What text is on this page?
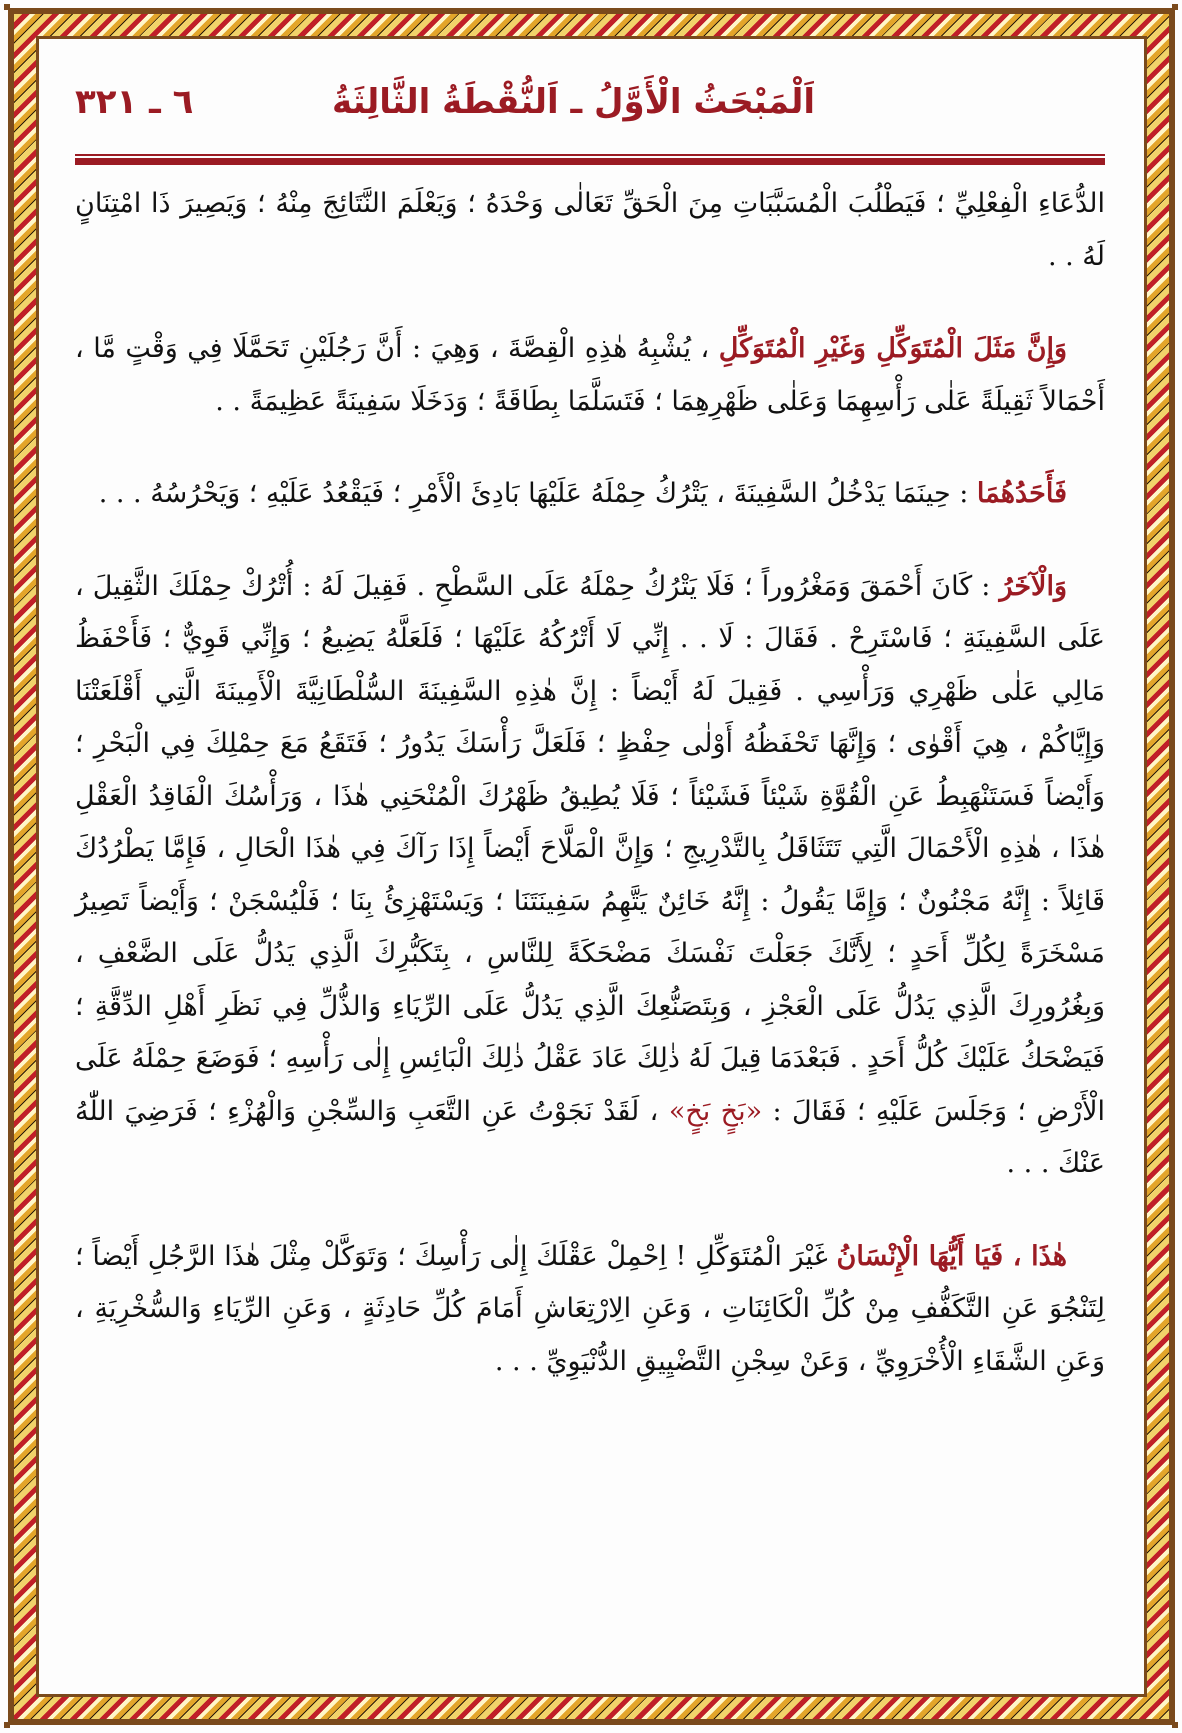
اَلْمَبْحَثُ الْأَوَّلُ ـ اَلنُّقْطَةُ الثَّالِثَةُ
٦ ـ ٣٢١

الدُّعَاءِ الْفِعْلِيِّ ؛ فَيَطْلُبَ الْمُسَبَّبَاتِ مِنَ الْحَقِّ تَعَالٰى وَحْدَهُ ؛ وَيَعْلَمَ النَّتَائِجَ مِنْهُ ؛ وَيَصِيرَ ذَا امْتِنَانٍ لَهُ . .

وَإِنَّ مَثَلَ الْمُتَوَكِّلِ وَغَيْرِ الْمُتَوَكِّلِ ، يُشْبِهُ هٰذِهِ الْقِصَّةَ ، وَهِيَ : أَنَّ رَجُلَيْنِ تَحَمَّلَا فِي وَقْتٍ مَّا ، أَحْمَالاً ثَقِيلَةً عَلٰى رَأْسِهِمَا وَعَلٰى ظَهْرِهِمَا ؛ فَتَسَلَّمَا بِطَاقَةً ؛ وَدَخَلَا سَفِينَةً عَظِيمَةً . .

فَأَحَدُهُمَا : حِينَمَا يَدْخُلُ السَّفِينَةَ ، يَتْرُكُ حِمْلَهُ عَلَيْهَا بَادِئَ الْأَمْرِ ؛ فَيَقْعُدُ عَلَيْهِ ؛ وَيَحْرُسُهُ . . .

وَالْآخَرُ : كَانَ أَحْمَقَ وَمَغْرُوراً ؛ فَلَا يَتْرُكُ حِمْلَهُ عَلَى السَّطْحِ . فَقِيلَ لَهُ : أُتْرُكْ حِمْلَكَ الثَّقِيلَ ، عَلَى السَّفِينَةِ ؛ فَاسْتَرِحْ . فَقَالَ : لَا . . إِنِّي لَا أَتْرُكُهُ عَلَيْهَا ؛ فَلَعَلَّهُ يَضِيعُ ؛ وَإِنِّي قَوِيٌّ ؛ فَأَحْفَظُ مَالِي عَلٰى ظَهْرِي وَرَأْسِي . فَقِيلَ لَهُ أَيْضاً : إِنَّ هٰذِهِ السَّفِينَةَ السُّلْطَانِيَّةَ الْأَمِينَةَ الَّتِي أَقْلَعَتْنَا وَإِيَّاكُمْ ، هِيَ أَقْوٰى ؛ وَإِنَّهَا تَحْفَظُهُ أَوْلٰى حِفْظٍ ؛ فَلَعَلَّ رَأْسَكَ يَدُورُ ؛ فَتَقَعُ مَعَ حِمْلِكَ فِي الْبَحْرِ ؛ وَأَيْضاً فَسَتَنْهَبِطُ عَنِ الْقُوَّةِ شَيْئاً فَشَيْئاً ؛ فَلَا يُطِيقُ ظَهْرُكَ الْمُنْحَنِي هٰذَا ، وَرَأْسُكَ الْفَاقِدُ الْعَقْلِ هٰذَا ، هٰذِهِ الْأَحْمَالَ الَّتِي تَتَثَاقَلُ بِالتَّدْرِيجِ ؛ وَإِنَّ الْمَلَّاحَ أَيْضاً إِذَا رَآكَ فِي هٰذَا الْحَالِ ، فَإِمَّا يَطْرُدُكَ قَائِلاً : إِنَّهُ مَجْنُونٌ ؛ وَإِمَّا يَقُولُ : إِنَّهُ خَائِنٌ يَتَّهِمُ سَفِينَتَنَا ؛ وَيَسْتَهْزِئُ بِنَا ؛ فَلْيُسْجَنْ ؛ وَأَيْضاً تَصِيرُ مَسْخَرَةً لِكُلِّ أَحَدٍ ؛ لِأَنَّكَ جَعَلْتَ نَفْسَكَ مَضْحَكَةً لِلنَّاسِ ، بِتَكَبُّرِكَ الَّذِي يَدُلُّ عَلَى الضَّعْفِ ، وَبِغُرُورِكَ الَّذِي يَدُلُّ عَلَى الْعَجْزِ ، وَبِتَصَنُّعِكَ الَّذِي يَدُلُّ عَلَى الرِّيَاءِ وَالذُّلِّ فِي نَظَرِ أَهْلِ الدِّقَّةِ ؛ فَيَضْحَكُ عَلَيْكَ كُلُّ أَحَدٍ . فَبَعْدَمَا قِيلَ لَهُ ذٰلِكَ عَادَ عَقْلُ ذٰلِكَ الْبَائِسِ إِلٰى رَأْسِهِ ؛ فَوَضَعَ حِمْلَهُ عَلَى الْأَرْضِ ؛ وَجَلَسَ عَلَيْهِ ؛ فَقَالَ : «بَخٍ بَخٍ» ، لَقَدْ نَجَوْتُ عَنِ التَّعَبِ وَالسِّجْنِ وَالْهُزْءِ ؛ فَرَضِيَ اللّٰهُ عَنْكَ . . .

هٰذَا ، فَيَا أَيُّهَا الْإِنْسَانُ غَيْرَ الْمُتَوَكِّلِ ! اِحْمِلْ عَقْلَكَ إِلٰى رَأْسِكَ ؛ وَتَوَكَّلْ مِثْلَ هٰذَا الرَّجُلِ أَيْضاً ؛ لِتَنْجُوَ عَنِ التَّكَفُّفِ مِنْ كُلِّ الْكَائِنَاتِ ، وَعَنِ الِارْتِعَاشِ أَمَامَ كُلِّ حَادِثَةٍ ، وَعَنِ الرِّيَاءِ وَالسُّخْرِيَةِ ، وَعَنِ الشَّقَاءِ الْأُخْرَوِيِّ ، وَعَنْ سِجْنِ التَّضْيِيقِ الدُّنْيَوِيِّ . . .
